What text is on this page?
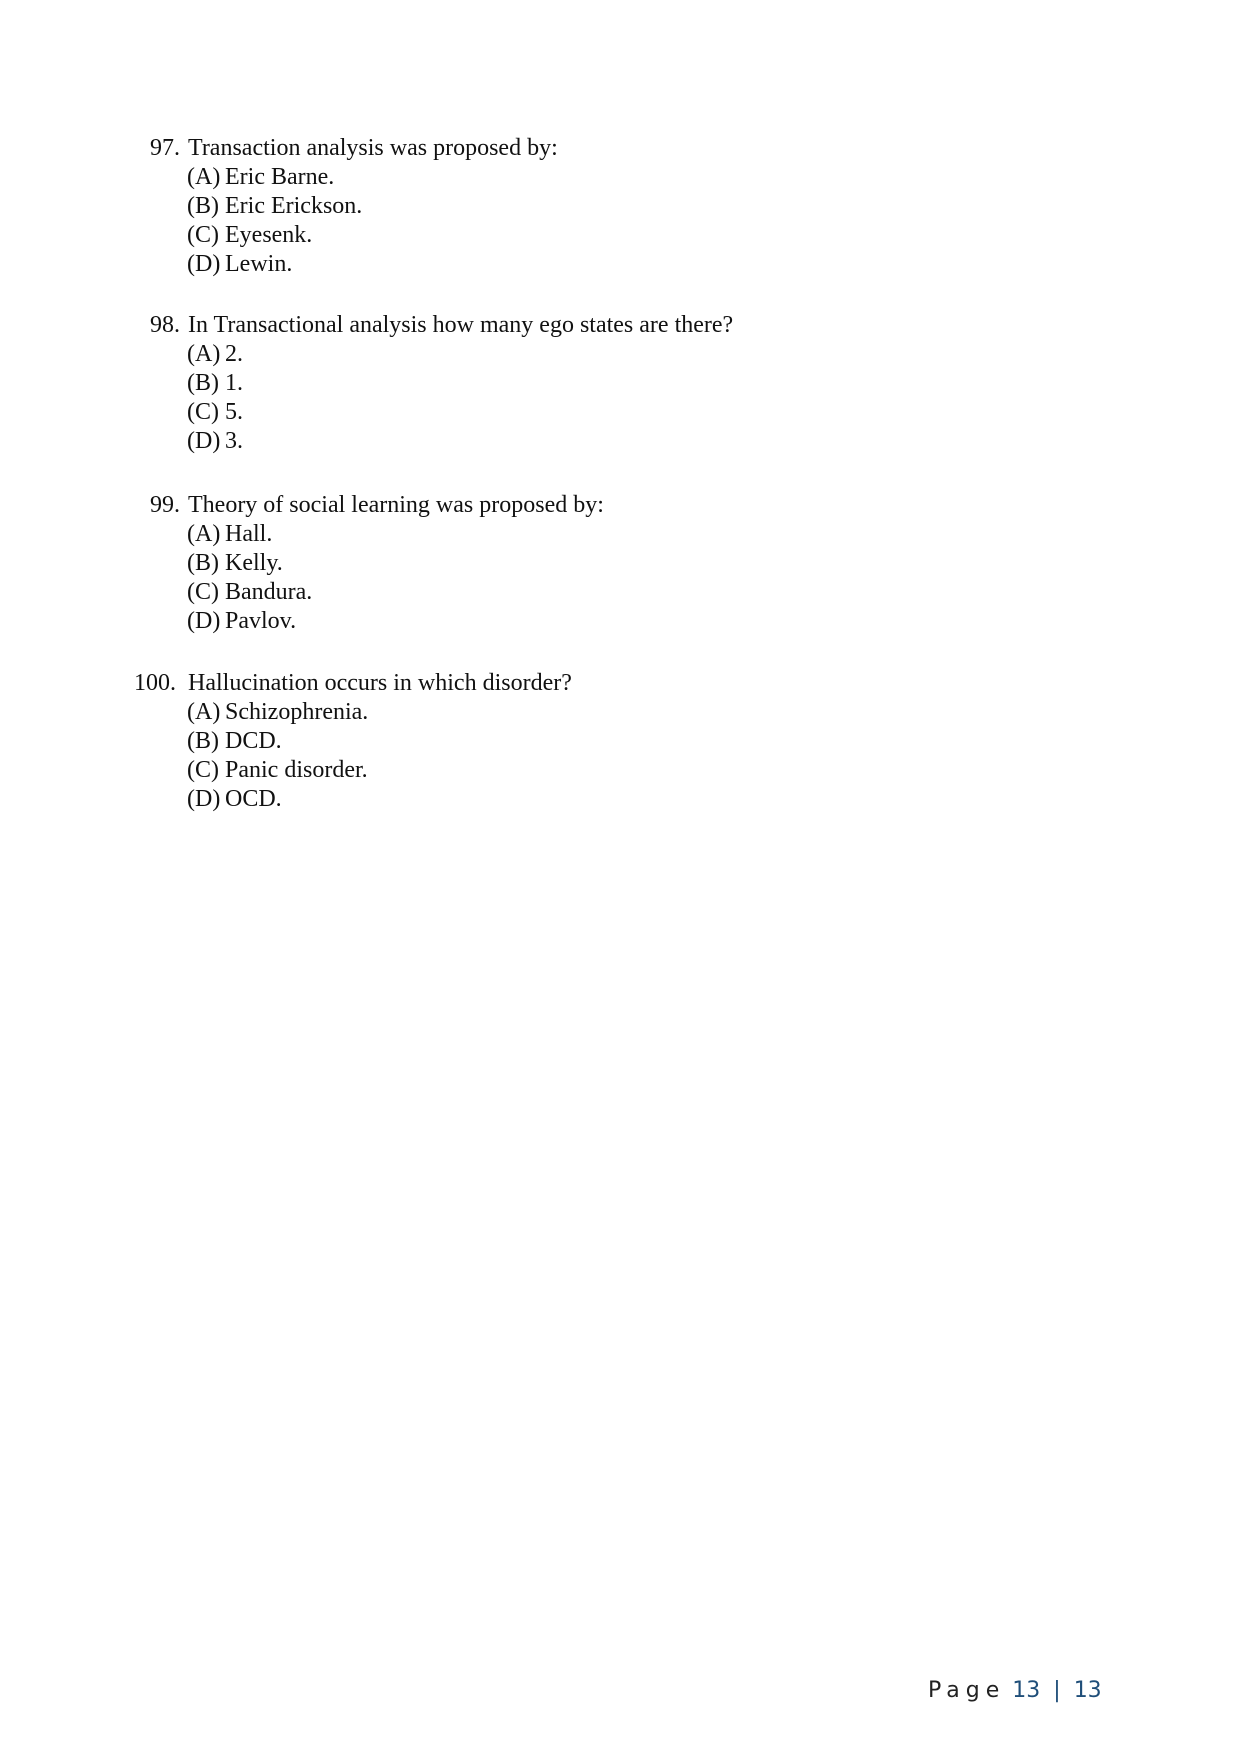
97. Transaction analysis was proposed by:
(A) Eric Barne.
(B) Eric Erickson.
(C) Eyesenk.
(D) Lewin.
98. In Transactional analysis how many ego states are there?
(A) 2.
(B) 1.
(C) 5.
(D) 3.
99. Theory of social learning was proposed by:
(A) Hall.
(B) Kelly.
(C) Bandura.
(D) Pavlov.
100. Hallucination occurs in which disorder?
(A) Schizophrenia.
(B) DCD.
(C) Panic disorder.
(D) OCD.
Page 13 | 13
